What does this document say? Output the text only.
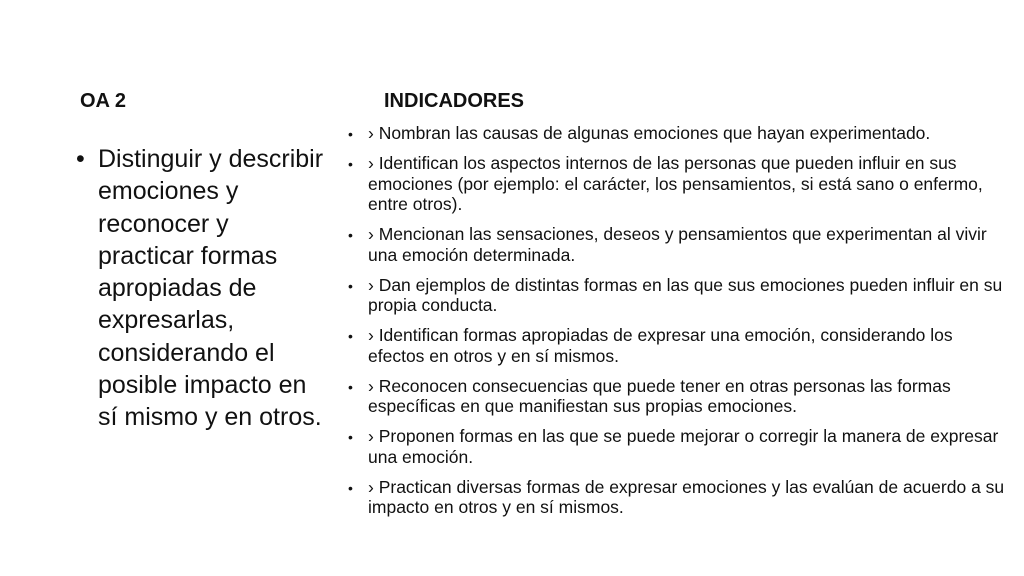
OA 2	INDICADORES
• Distinguir y describir emociones y reconocer y practicar formas apropiadas de expresarlas, considerando el posible impacto en sí mismo y en otros.
• › Nombran las causas de algunas emociones que hayan experimentado.
• › Identifican los aspectos internos de las personas que pueden influir en sus emociones (por ejemplo: el carácter, los pensamientos, si está sano o enfermo, entre otros).
• › Mencionan las sensaciones, deseos y pensamientos que experimentan al vivir una emoción determinada.
• › Dan ejemplos de distintas formas en las que sus emociones pueden influir en su propia conducta.
• › Identifican formas apropiadas de expresar una emoción, considerando los efectos en otros y en sí mismos.
• › Reconocen consecuencias que puede tener en otras personas las formas específicas en que manifiestan sus propias emociones.
• › Proponen formas en las que se puede mejorar o corregir la manera de expresar una emoción.
• › Practican diversas formas de expresar emociones y las evalúan de acuerdo a su impacto en otros y en sí mismos.
